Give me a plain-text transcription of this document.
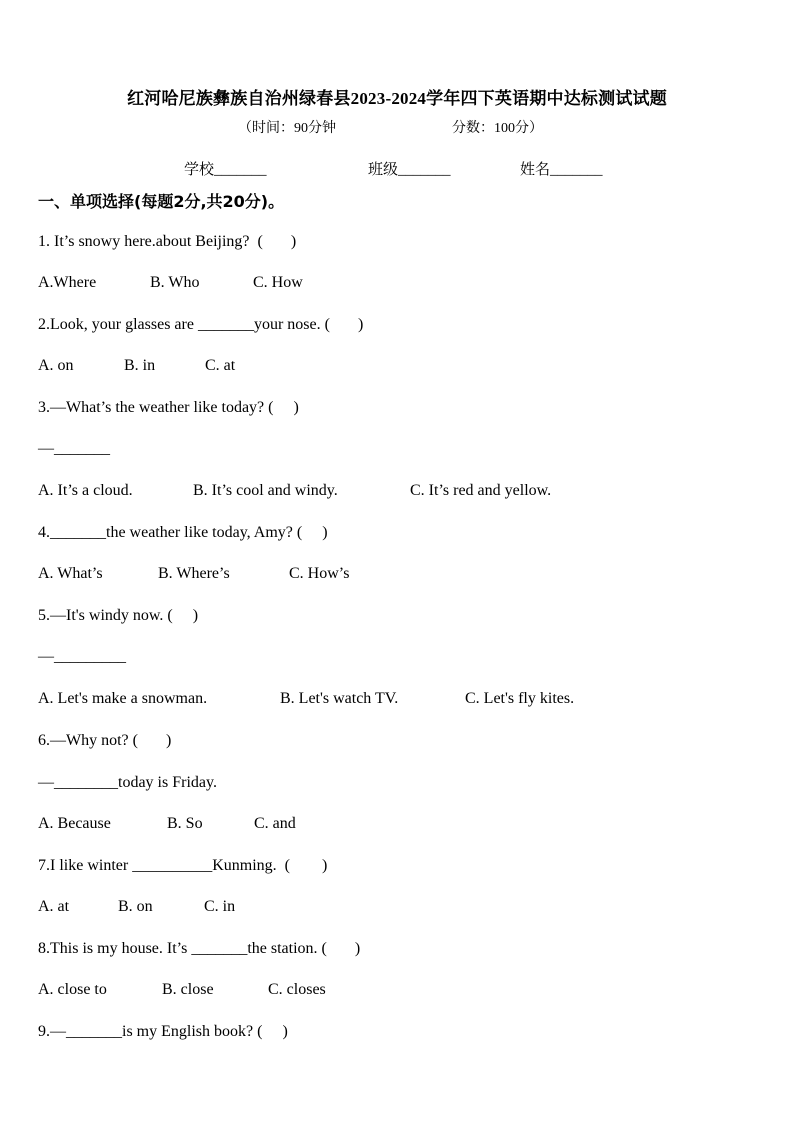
红河哈尼族彝族自治州绿春县2023-2024学年四下英语期中达标测试试题
（时间：90分钟	分数：100分）
学校_______	班级_______	姓名_______
一、单项选择(每题2分,共20分)。
1. It’s snowy here.about Beijing?  (       )
A.Where	B. Who	C. How
2.Look, your glasses are _______your nose. (       )
A. on	B. in	C. at
3.—What’s the weather like today? (     )
—_______
A. It’s a cloud.	B. It’s cool and windy.	C. It’s red and yellow.
4._______the weather like today, Amy? (     )
A. What’s	B. Where’s	C. How’s
5.—It's windy now. (     )
—_________
A. Let's make a snowman.	B. Let's watch TV.	C. Let's fly kites.
6.—Why not? (       )
—________today is Friday.
A. Because	B. So	C. and
7.I like winter __________Kunming.  (        )
A. at	B. on	C. in
8.This is my house. It’s _______the station. (       )
A. close to	B. close	C. closes
9.—_______is my English book? (     )
